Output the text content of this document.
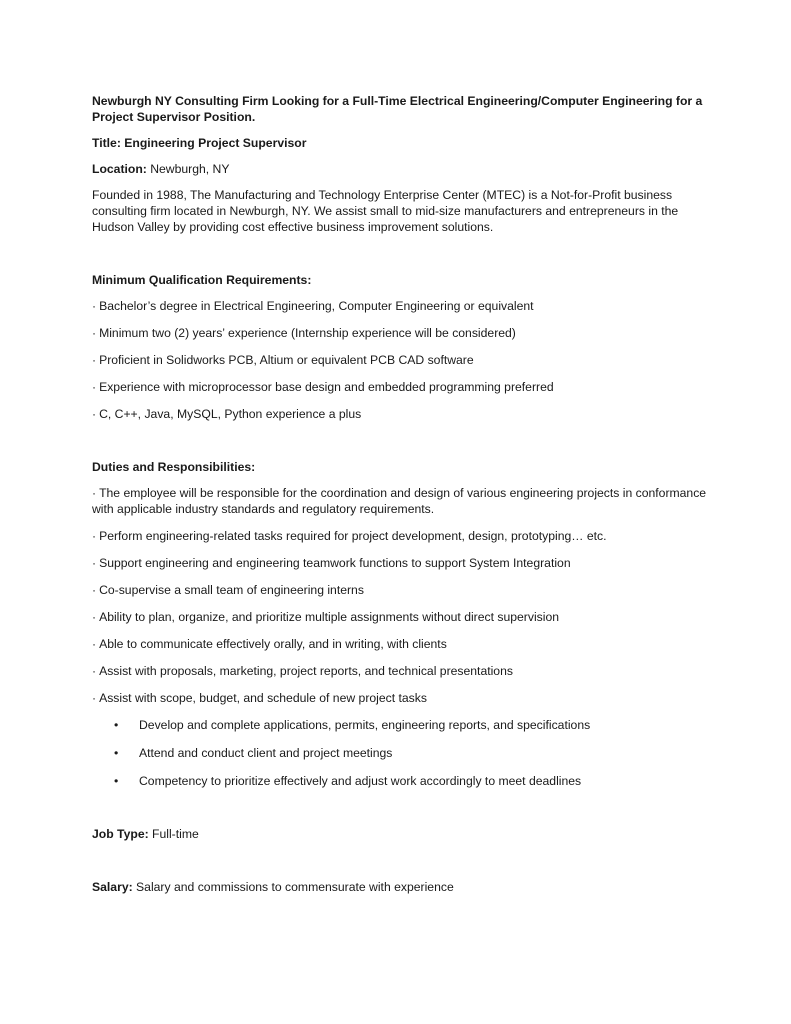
Newburgh NY Consulting Firm Looking for a Full-Time Electrical Engineering/Computer Engineering for a Project Supervisor Position.
Title: Engineering Project Supervisor
Location: Newburgh, NY
Founded in 1988, The Manufacturing and Technology Enterprise Center (MTEC) is a Not-for-Profit business consulting firm located in Newburgh, NY. We assist small to mid-size manufacturers and entrepreneurs in the Hudson Valley by providing cost effective business improvement solutions.
Minimum Qualification Requirements:
· Bachelor’s degree in Electrical Engineering, Computer Engineering or equivalent
· Minimum two (2) years’ experience (Internship experience will be considered)
· Proficient in Solidworks PCB, Altium or equivalent PCB CAD software
· Experience with microprocessor base design and embedded programming preferred
· C, C++, Java, MySQL, Python experience a plus
Duties and Responsibilities:
· The employee will be responsible for the coordination and design of various engineering projects in conformance with applicable industry standards and regulatory requirements.
· Perform engineering-related tasks required for project development, design, prototyping… etc.
· Support engineering and engineering teamwork functions to support System Integration
· Co-supervise a small team of engineering interns
· Ability to plan, organize, and prioritize multiple assignments without direct supervision
· Able to communicate effectively orally, and in writing, with clients
· Assist with proposals, marketing, project reports, and technical presentations
· Assist with scope, budget, and schedule of new project tasks
• Develop and complete applications, permits, engineering reports, and specifications
• Attend and conduct client and project meetings
• Competency to prioritize effectively and adjust work accordingly to meet deadlines
Job Type: Full-time
Salary: Salary and commissions to commensurate with experience
